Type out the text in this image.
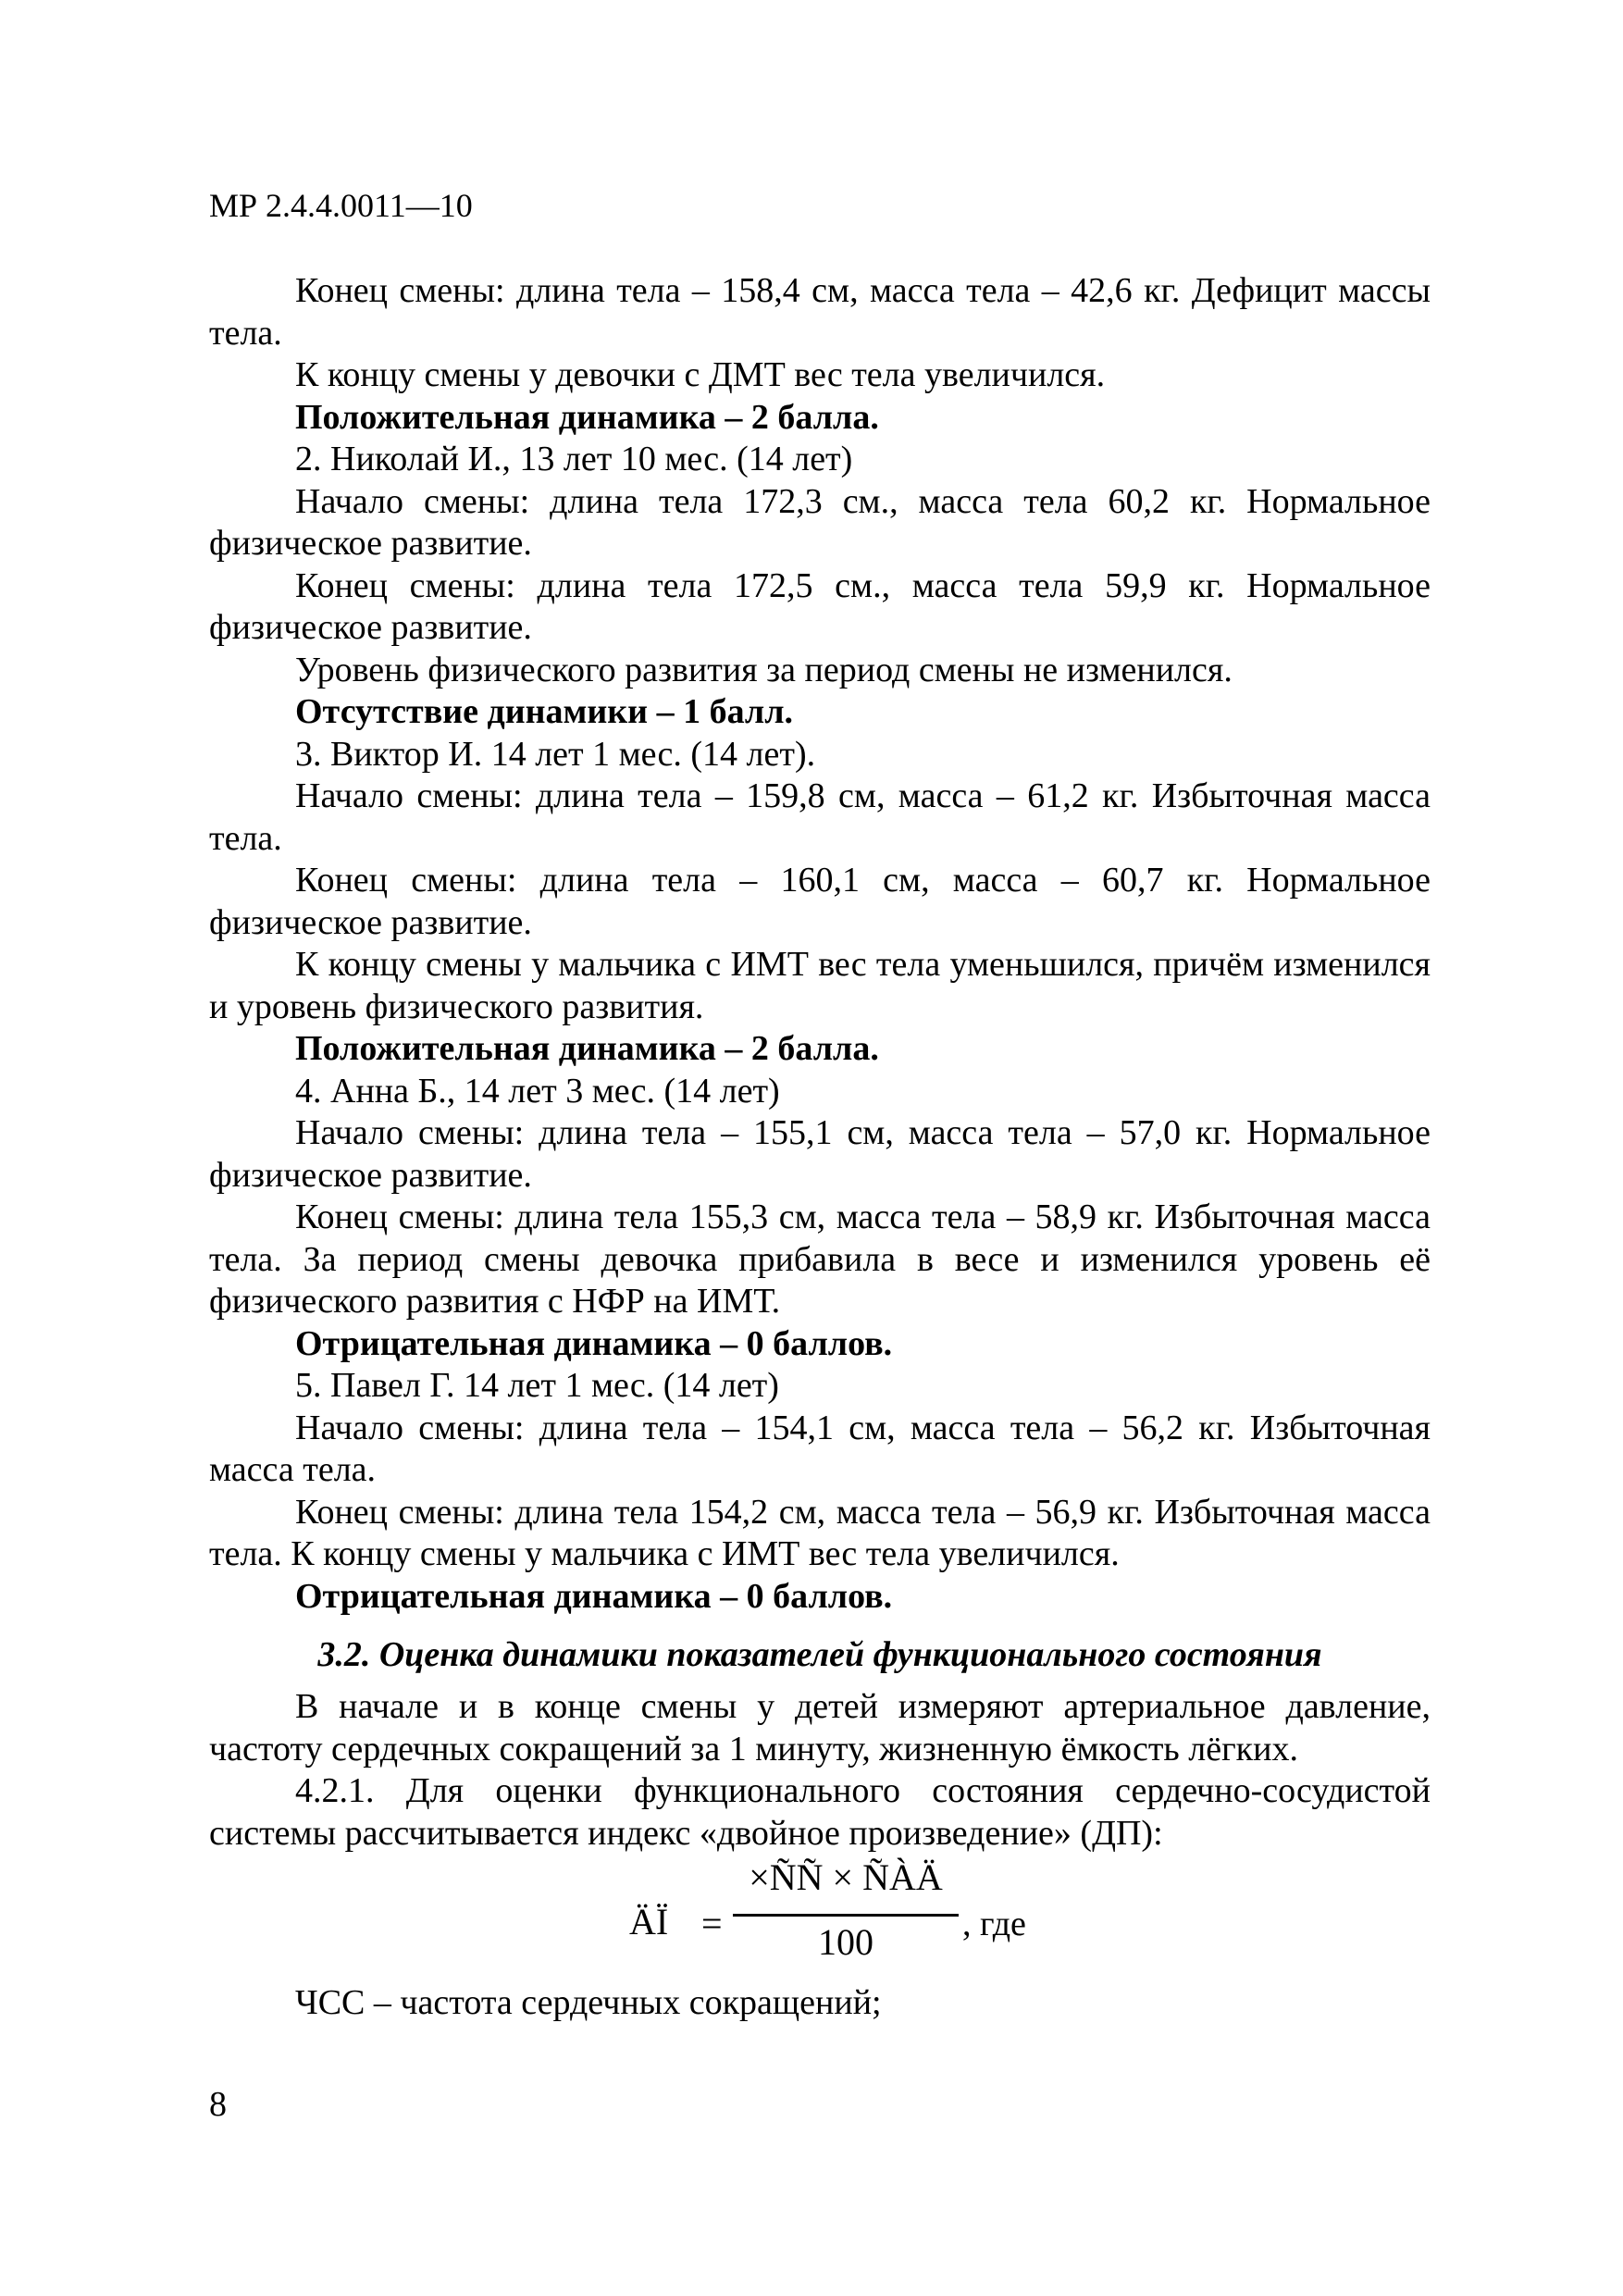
МР 2.4.4.0011—10

Конец смены: длина тела – 158,4 см, масса тела – 42,6 кг. Дефицит массы тела.

К концу смены у девочки с ДМТ вес тела увеличился.

Положительная динамика – 2 балла.

2. Николай И., 13 лет 10 мес. (14 лет)

Начало смены: длина тела 172,3 см., масса тела 60,2 кг. Нормальное физическое развитие.

Конец смены: длина тела 172,5 см., масса тела 59,9 кг. Нормальное физическое развитие.

Уровень физического развития за период смены не изменился.

Отсутствие динамики – 1 балл.

3. Виктор И. 14 лет 1 мес. (14 лет).

Начало смены: длина тела – 159,8 см, масса – 61,2 кг. Избыточная масса тела.

Конец смены: длина тела – 160,1 см, масса – 60,7 кг. Нормальное физическое развитие.

К концу смены у мальчика с ИМТ вес тела уменьшился, причём изменился и уровень физического развития.

Положительная динамика – 2 балла.

4. Анна Б., 14 лет 3 мес. (14 лет)

Начало смены: длина тела – 155,1 см, масса тела – 57,0 кг. Нормальное физическое развитие.

Конец смены: длина тела 155,3 см, масса тела – 58,9 кг. Избыточная масса тела. За период смены девочка прибавила в весе и изменился уровень её физического развития с НФР на ИМТ.

Отрицательная динамика – 0 баллов.

5. Павел Г. 14 лет 1 мес. (14 лет)

Начало смены: длина тела – 154,1 см, масса тела – 56,2 кг. Избыточная масса тела.

Конец смены: длина тела 154,2 см, масса тела – 56,9 кг. Избыточная масса тела. К концу смены у мальчика с ИМТ вес тела увеличился.

Отрицательная динамика – 0 баллов.

3.2. Оценка динамики показателей функционального состояния

В начале и в конце смены у детей измеряют артериальное давление, частоту сердечных сокращений за 1 минуту, жизненную ёмкость лёгких.

4.2.1. Для оценки функционального состояния сердечно-сосудистой системы рассчитывается индекс «двойное произведение» (ДП):

ÄÏ =
×ÑÑ × ÑÀÄ
100	, где

ЧСС – частота сердечных сокращений;

8
